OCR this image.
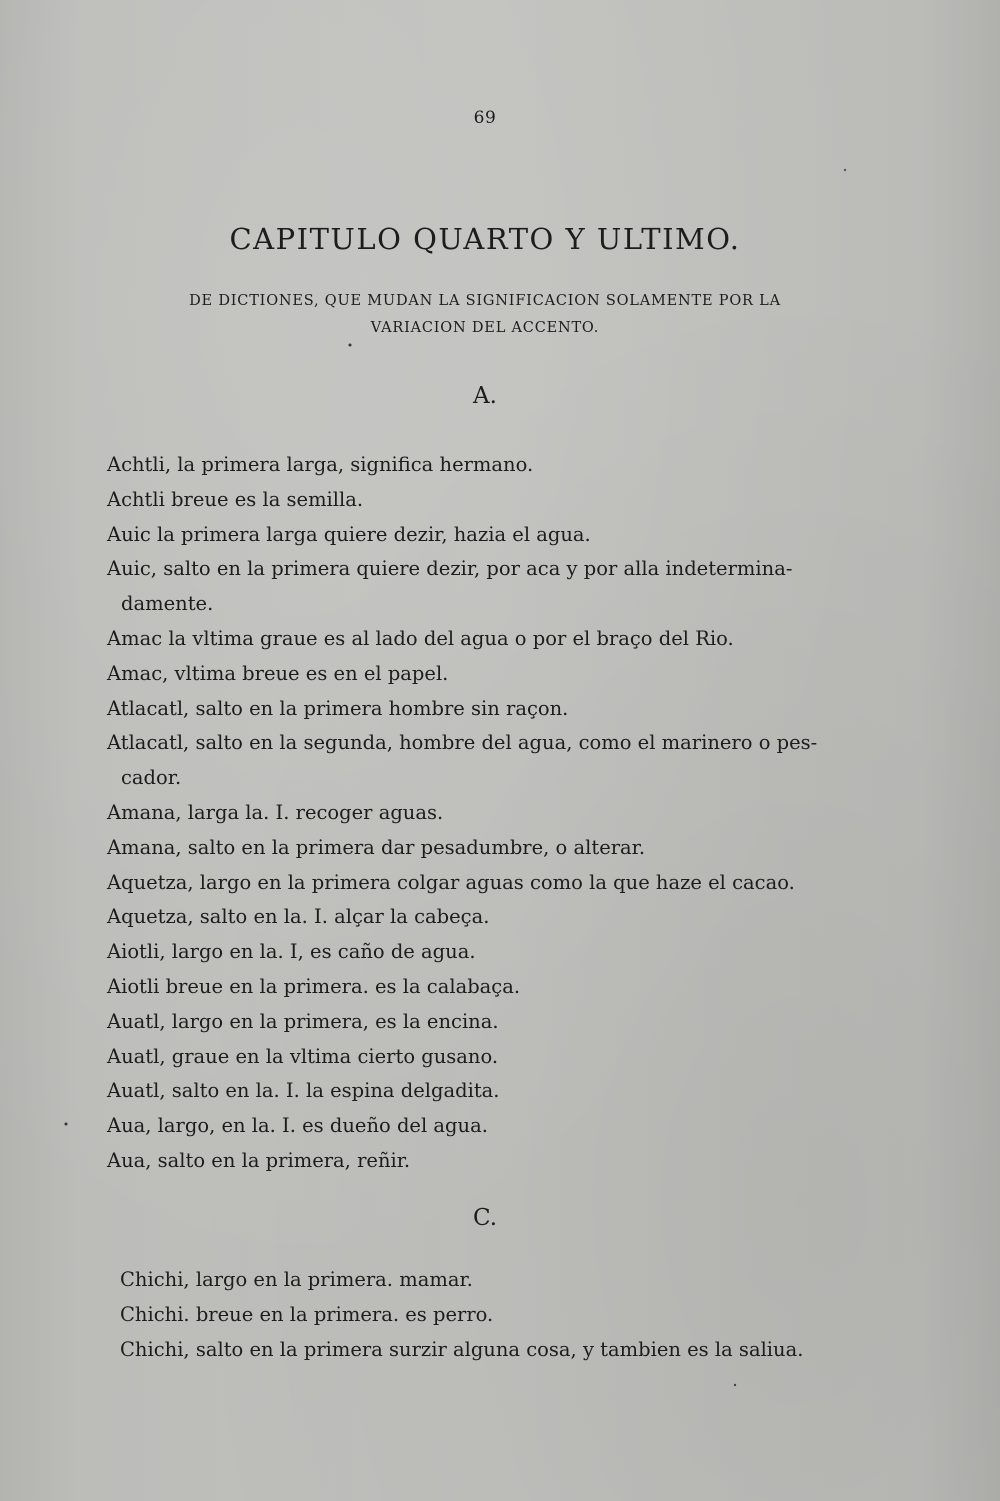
69
CAPITULO QUARTO Y ULTIMO.
DE DICTIONES, QUE MUDAN LA SIGNIFICACION SOLAMENTE POR LA
VARIACION DEL ACCENTO.
A.
Achtli, la primera larga, significa hermano.
Achtli breue es la semilla.
Auic la primera larga quiere dezir, hazia el agua.
Auic, salto en la primera quiere dezir, por aca y por alla indetermina-
damente.
Amac la vltima graue es al lado del agua o por el braço del Rio.
Amac, vltima breue es en el papel.
Atlacatl, salto en la primera hombre sin raçon.
Atlacatl, salto en la segunda, hombre del agua, como el marinero o pes-
cador.
Amana, larga la. I. recoger aguas.
Amana, salto en la primera dar pesadumbre, o alterar.
Aquetza, largo en la primera colgar aguas como la que haze el cacao.
Aquetza, salto en la. I. alçar la cabeça.
Aiotli, largo en la. I, es caño de agua.
Aiotli breue en la primera. es la calabaça.
Auatl, largo en la primera, es la encina.
Auatl, graue en la vltima cierto gusano.
Auatl, salto en la. I. la espina delgadita.
Aua, largo, en la. I. es dueño del agua.
Aua, salto en la primera, reñir.
C.
Chichi, largo en la primera. mamar.
Chichi. breue en la primera. es perro.
Chichi, salto en la primera surzir alguna cosa, y tambien es la saliua.
